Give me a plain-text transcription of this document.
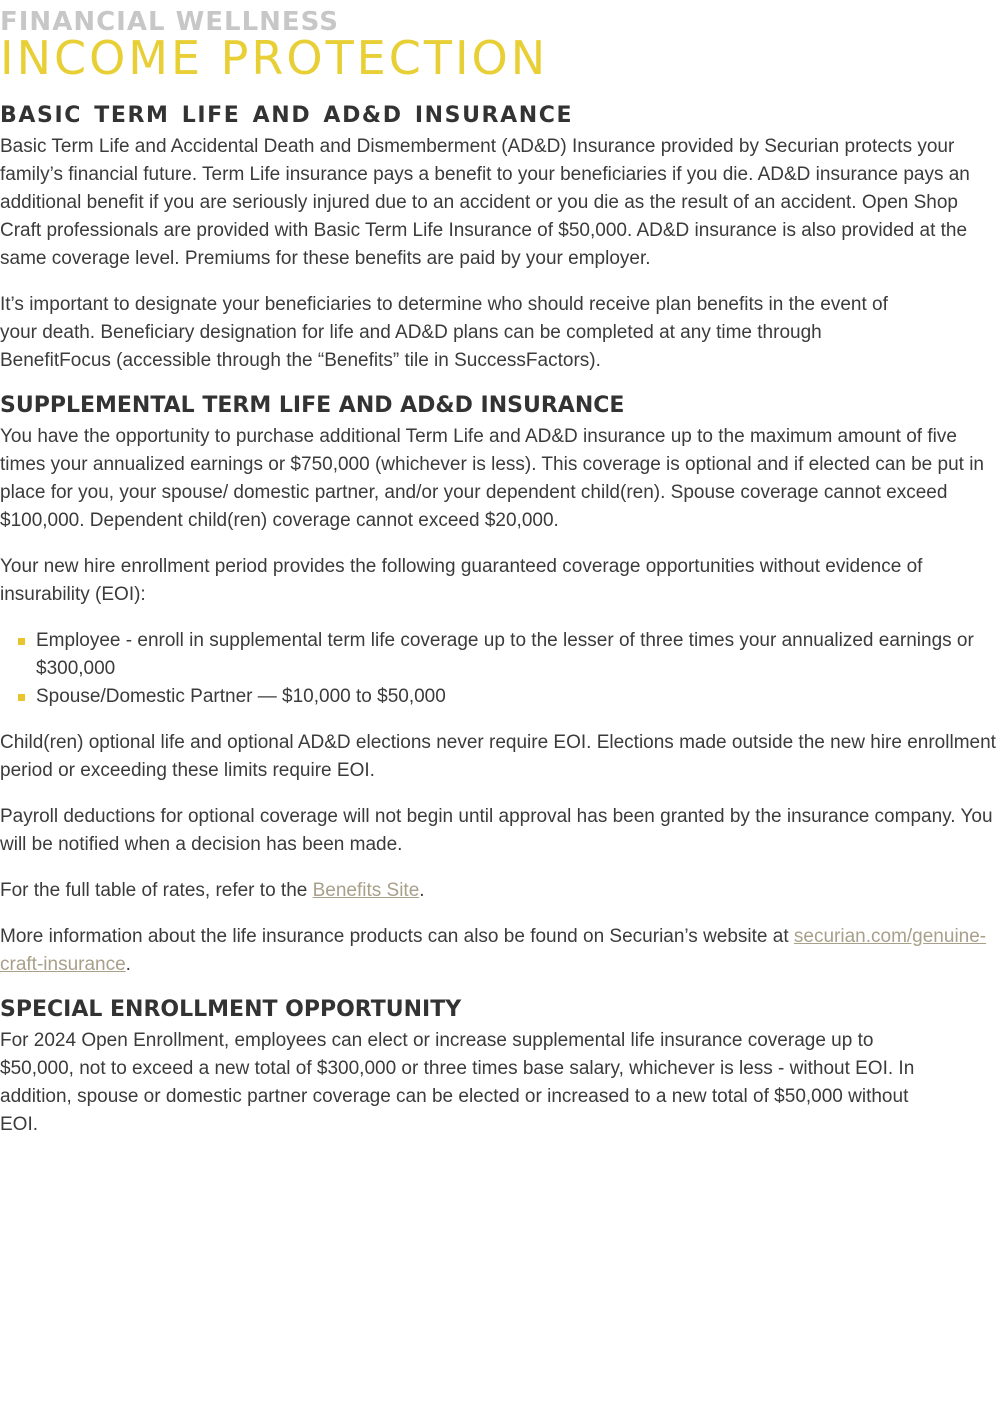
FINANCIAL WELLNESS
INCOME PROTECTION
BASIC TERM LIFE AND AD&D INSURANCE

Basic Term Life and Accidental Death and Dismemberment (AD&D) Insurance provided by Securian protects your family’s financial future. Term Life insurance pays a benefit to your beneficiaries if you die. AD&D insurance pays an additional benefit if you are seriously injured due to an accident or you die as the result of an accident. Open Shop Craft professionals are provided with Basic Term Life Insurance of $50,000. AD&D insurance is also provided at the same coverage level. Premiums for these benefits are paid by your employer.

It’s important to designate your beneficiaries to determine who should receive plan benefits in the event of your death. Beneficiary designation for life and AD&D plans can be completed at any time through BenefitFocus (accessible through the “Benefits” tile in SuccessFactors).

SUPPLEMENTAL TERM LIFE AND AD&D INSURANCE

You have the opportunity to purchase additional Term Life and AD&D insurance up to the maximum amount of five times your annualized earnings or $750,000 (whichever is less). This coverage is optional and if elected can be put in place for you, your spouse/ domestic partner, and/or your dependent child(ren). Spouse coverage cannot exceed $100,000. Dependent child(ren) coverage cannot exceed $20,000.

Your new hire enrollment period provides the following guaranteed coverage opportunities without evidence of insurability (EOI):

Employee - enroll in supplemental term life coverage up to the lesser of three times your annualized earnings or $300,000
Spouse/Domestic Partner — $10,000 to $50,000

Child(ren) optional life and optional AD&D elections never require EOI. Elections made outside the new hire enrollment period or exceeding these limits require EOI.

Payroll deductions for optional coverage will not begin until approval has been granted by the insurance company. You will be notified when a decision has been made.

For the full table of rates, refer to the Benefits Site.

More information about the life insurance products can also be found on Securian’s website at securian.com/genuine-craft-insurance.

SPECIAL ENROLLMENT OPPORTUNITY

For 2024 Open Enrollment, employees can elect or increase supplemental life insurance coverage up to $50,000, not to exceed a new total of $300,000 or three times base salary, whichever is less - without EOI. In addition, spouse or domestic partner coverage can be elected or increased to a new total of $50,000 without EOI.
